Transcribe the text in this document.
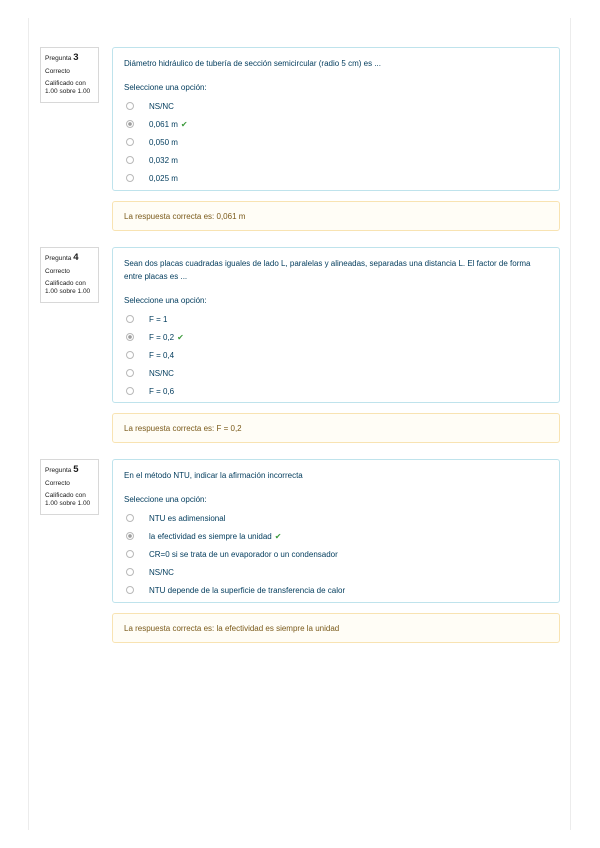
Pregunta 3
Correcto
Calificado con
1.00 sobre 1.00
Diámetro hidráulico de tubería de sección semicircular (radio 5 cm) es ...
Seleccione una opción:
NS/NC
0,061 m ✔
0,050 m
0,032 m
0,025 m
La respuesta correcta es: 0,061 m
Pregunta 4
Correcto
Calificado con
1.00 sobre 1.00
Sean dos placas cuadradas iguales de lado L, paralelas y alineadas, separadas una distancia L. El factor de forma entre placas es ...
Seleccione una opción:
F = 1
F = 0,2 ✔
F = 0,4
NS/NC
F = 0,6
La respuesta correcta es: F = 0,2
Pregunta 5
Correcto
Calificado con
1.00 sobre 1.00
En el método NTU, indicar la afirmación incorrecta
Seleccione una opción:
NTU es adimensional
la efectividad es siempre la unidad ✔
CR=0 si se trata de un evaporador o un condensador
NS/NC
NTU depende de la superficie de transferencia de calor
La respuesta correcta es: la efectividad es siempre la unidad
